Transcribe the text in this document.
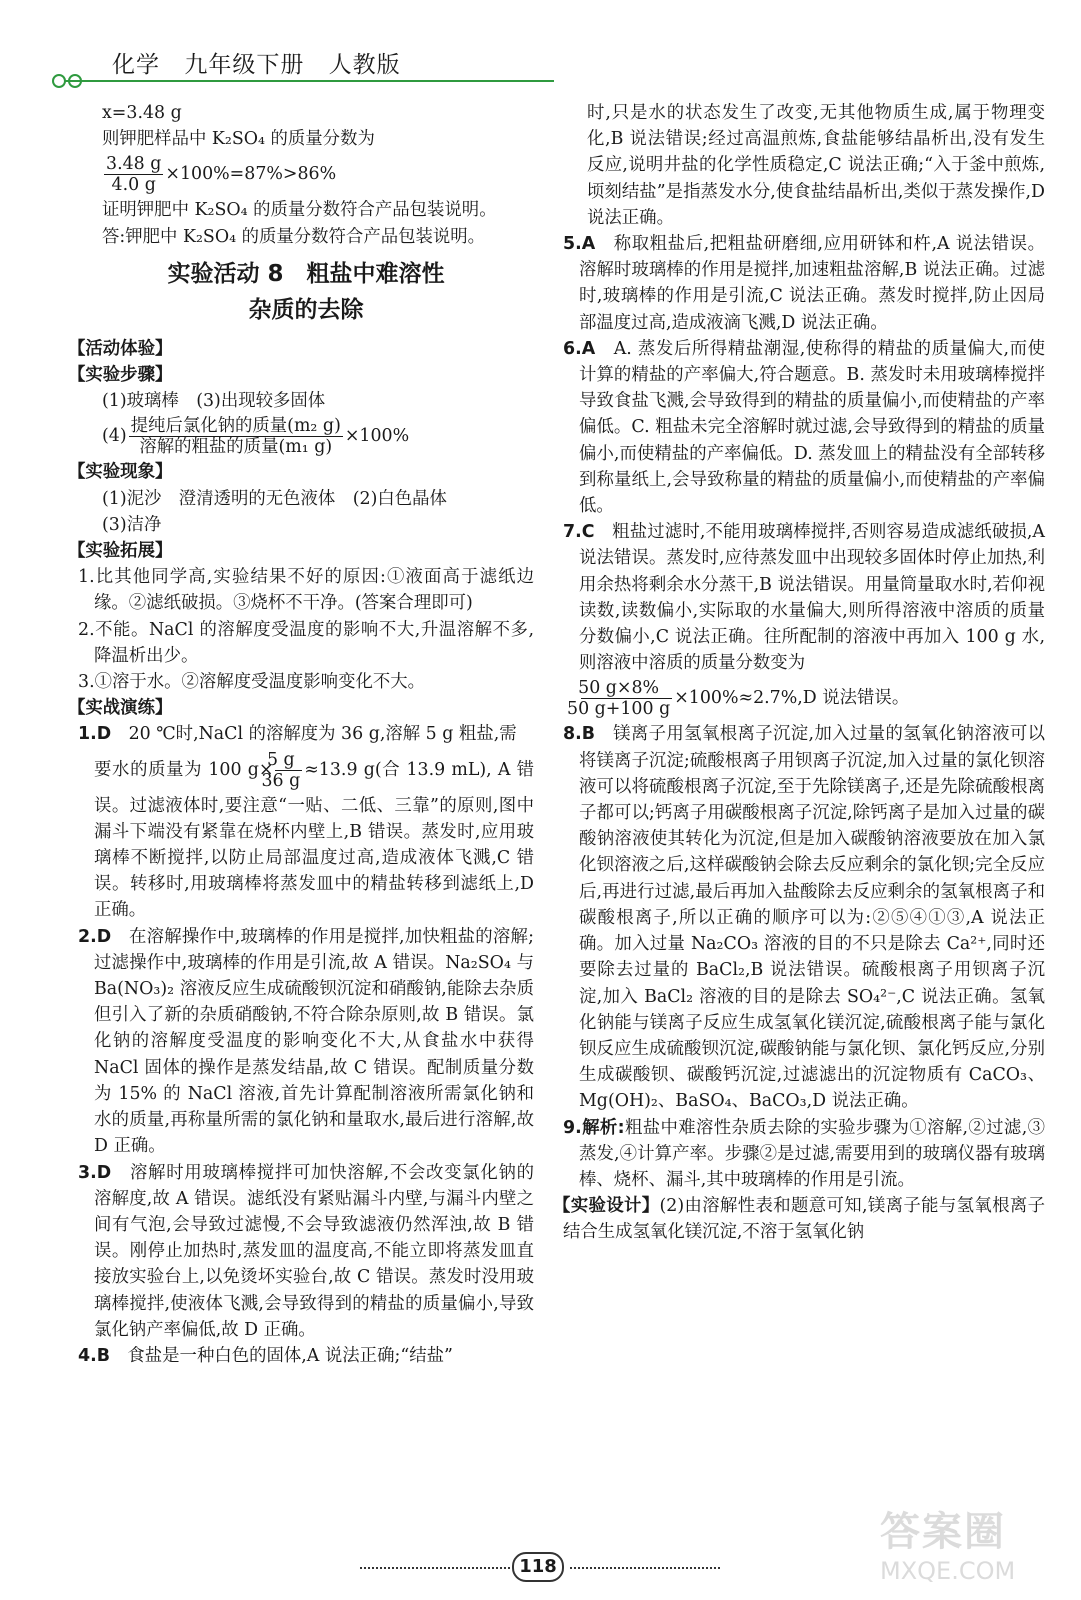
化学 九年级下册 人教版

x=3.48 g

则钾肥样品中 K₂SO₄ 的质量分数为

$\frac{3.48 g}{4.0 g} \times 100\%=87\%>86\%$

证明钾肥中 K₂SO₄ 的质量分数符合产品包装说明。

答:钾肥中 K₂SO₄ 的质量分数符合产品包装说明。

实验活动 8　粗盐中难溶性
杂质的去除

【活动体验】

【实验步骤】

(1)玻璃棒　(3)出现较多固体

$(4) \frac{\text{提纯后氯化钠的质量(m₂ g)}}{\text{溶解的粗盐的质量(m₁ g)}} \times 100\%$

【实验现象】

(1)泥沙　澄清透明的无色液体　(2)白色晶体

(3)洁净

【实验拓展】

1.比其他同学高,实验结果不好的原因:①液面高于滤纸边缘。②滤纸破损。③烧杯不干净。(答案合理即可)

2.不能。NaCl 的溶解度受温度的影响不大,升温溶解不多,降温析出少。

3.①溶于水。②溶解度受温度影响变化不大。

【实战演练】

1.D　 20 ℃时,NaCl 的溶解度为 36 g,溶解 5 g 粗盐,需
要水的质量为 100 $g\times \frac{5 g}{36 g} \approx 13.9$ g(合 13.9 mL), A 错误。过滤液体时,要注意“一贴、二低、三靠”的原则,图中漏斗下端没有紧靠在烧杯内壁上,B 错误。蒸发时,应用玻璃棒不断搅拌,以防止局部温度过高,造成液体飞溅,C 错误。转移时,用玻璃棒将蒸发皿中的精盐转移到滤纸上,D 正确。

2.D　 在溶解操作中,玻璃棒的作用是搅拌,加快粗盐的溶解;过滤操作中,玻璃棒的作用是引流,故 A 错误。Na₂SO₄ 与 Ba(NO₃)₂ 溶液反应生成硫酸钡沉淀和硝酸钠,能除去杂质但引入了新的杂质硝酸钠,不符合除杂原则,故 B 错误。氯化钠的溶解度受温度的影响变化不大,从食盐水中获得 NaCl 固体的操作是蒸发结晶,故 C 错误。配制质量分数为 15% 的 NaCl 溶液,首先计算配制溶液所需氯化钠和水的质量,再称量所需的氯化钠和量取水,最后进行溶解,故 D 正确。

3.D　 溶解时用玻璃棒搅拌可加快溶解,不会改变氯化钠的溶解度,故 A 错误。滤纸没有紧贴漏斗内壁,与漏斗内壁之间有气泡,会导致过滤慢,不会导致滤液仍然浑浊,故 B 错误。刚停止加热时,蒸发皿的温度高,不能立即将蒸发皿直接放实验台上,以免烫坏实验台,故 C 错误。蒸发时没用玻璃棒搅拌,使液体飞溅,会导致得到的精盐的质量偏小,导致氯化钠产率偏低,故 D 正确。

4.B　 食盐是一种白色的固体,A 说法正确;“结盐”

时,只是水的状态发生了改变,无其他物质生成,属于物理变化,B 说法错误;经过高温煎炼,食盐能够结晶析出,没有发生反应,说明井盐的化学性质稳定,C 说法正确;“入于釜中煎炼,顷刻结盐”是指蒸发水分,使食盐结晶析出,类似于蒸发操作,D 说法正确。

5.A　 称取粗盐后,把粗盐研磨细,应用研钵和杵,A 说法错误。溶解时玻璃棒的作用是搅拌,加速粗盐溶解,B 说法正确。过滤时,玻璃棒的作用是引流,C 说法正确。蒸发时搅拌,防止因局部温度过高,造成液滴飞溅,D 说法正确。

6.A　 A. 蒸发后所得精盐潮湿,使称得的精盐的质量偏大,而使计算的精盐的产率偏大,符合题意。B. 蒸发时未用玻璃棒搅拌导致食盐飞溅,会导致得到的精盐的质量偏小,而使精盐的产率偏低。C. 粗盐未完全溶解时就过滤,会导致得到的精盐的质量偏小,而使精盐的产率偏低。D. 蒸发皿上的精盐没有全部转移到称量纸上,会导致称量的精盐的质量偏小,而使精盐的产率偏低。

7.C　 粗盐过滤时,不能用玻璃棒搅拌,否则容易造成滤纸破损,A 说法错误。蒸发时,应待蒸发皿中出现较多固体时停止加热,利用余热将剩余水分蒸干,B 说法错误。用量筒量取水时,若仰视读数,读数偏小,实际取的水量偏大,则所得溶液中溶质的质量分数偏小,C 说法正确。往所配制的溶液中再加入 100 g 水,则溶液中溶质的质量分数变为

$\frac{50 g\times 8\%}{50 g+100 g} \times 100\%\approx 2.7\%,D$ 说法错误。

8.B　 镁离子用氢氧根离子沉淀,加入过量的氢氧化钠溶液可以将镁离子沉淀;硫酸根离子用钡离子沉淀,加入过量的氯化钡溶液可以将硫酸根离子沉淀,至于先除镁离子,还是先除硫酸根离子都可以;钙离子用碳酸根离子沉淀,除钙离子是加入过量的碳酸钠溶液使其转化为沉淀,但是加入碳酸钠溶液要放在加入氯化钡溶液之后,这样碳酸钠会除去反应剩余的氯化钡;完全反应后,再进行过滤,最后再加入盐酸除去反应剩余的氢氧根离子和碳酸根离子,所以正确的顺序可以为:②⑤④①③,A 说法正确。加入过量 Na₂CO₃ 溶液的目的不只是除去 Ca²⁺,同时还要除去过量的 BaCl₂,B 说法错误。硫酸根离子用钡离子沉淀,加入 BaCl₂ 溶液的目的是除去 SO₄²⁻,C 说法正确。氢氧化钠能与镁离子反应生成氢氧化镁沉淀,硫酸根离子能与氯化钡反应生成硫酸钡沉淀,碳酸钠能与氯化钡、氯化钙反应,分别生成碳酸钡、碳酸钙沉淀,过滤滤出的沉淀物质有 CaCO₃、Mg(OH)₂、BaSO₄、BaCO₃,D 说法正确。

9.解析:粗盐中难溶性杂质去除的实验步骤为①溶解,②过滤,③蒸发,④计算产率。步骤②是过滤,需要用到的玻璃仪器有玻璃棒、烧杯、漏斗,其中玻璃棒的作用是引流。

【实验设计】(2)由溶解性表和题意可知,镁离子能与氢氧根离子结合生成氢氧化镁沉淀,不溶于氢氧化钠

118
答案圈
MXQE.COM
